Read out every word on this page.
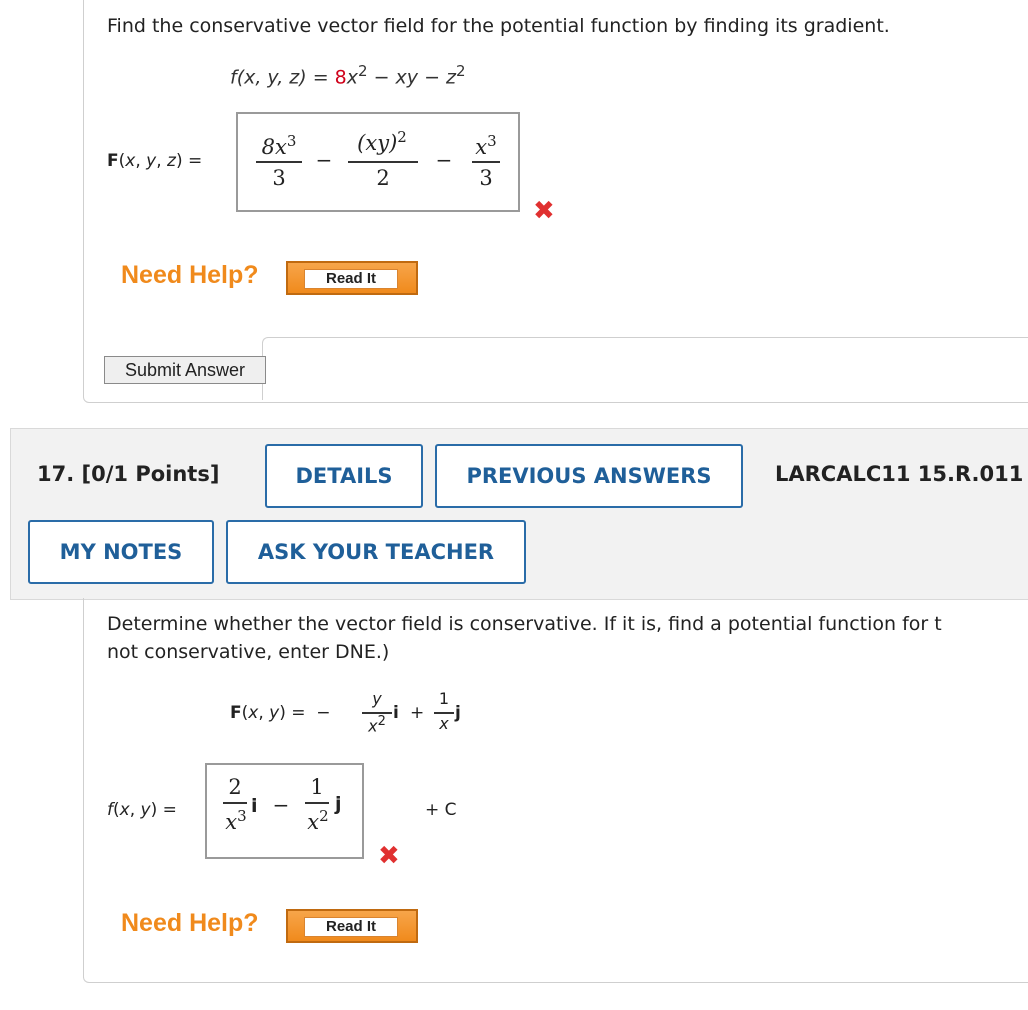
Find the conservative vector field for the potential function by finding its gradient.
f(x, y, $z) = 8x^2$ − xy − $z^2$
F(x, y, z) =
$8x^3$
3
−
(xy)$^2$
2
−
$x^3$
3
✖
Need Help?	Read It
Submit Answer
17. [0/1 Points]	DETAILS	PREVIOUS ANSWERS	LARCALC11 15.R.011
MY NOTES	ASK YOUR TEACHER
Determine whether the vector field is conservative. If it is, find a potential function for t
not conservative, enter DNE.)
F(x, y) =  −
y
$x^2$ i +
1
x
j
f(x, y) =
2
$x^3$ i −
1
$x^2$
j	+ C
✖
Need Help?	Read It
